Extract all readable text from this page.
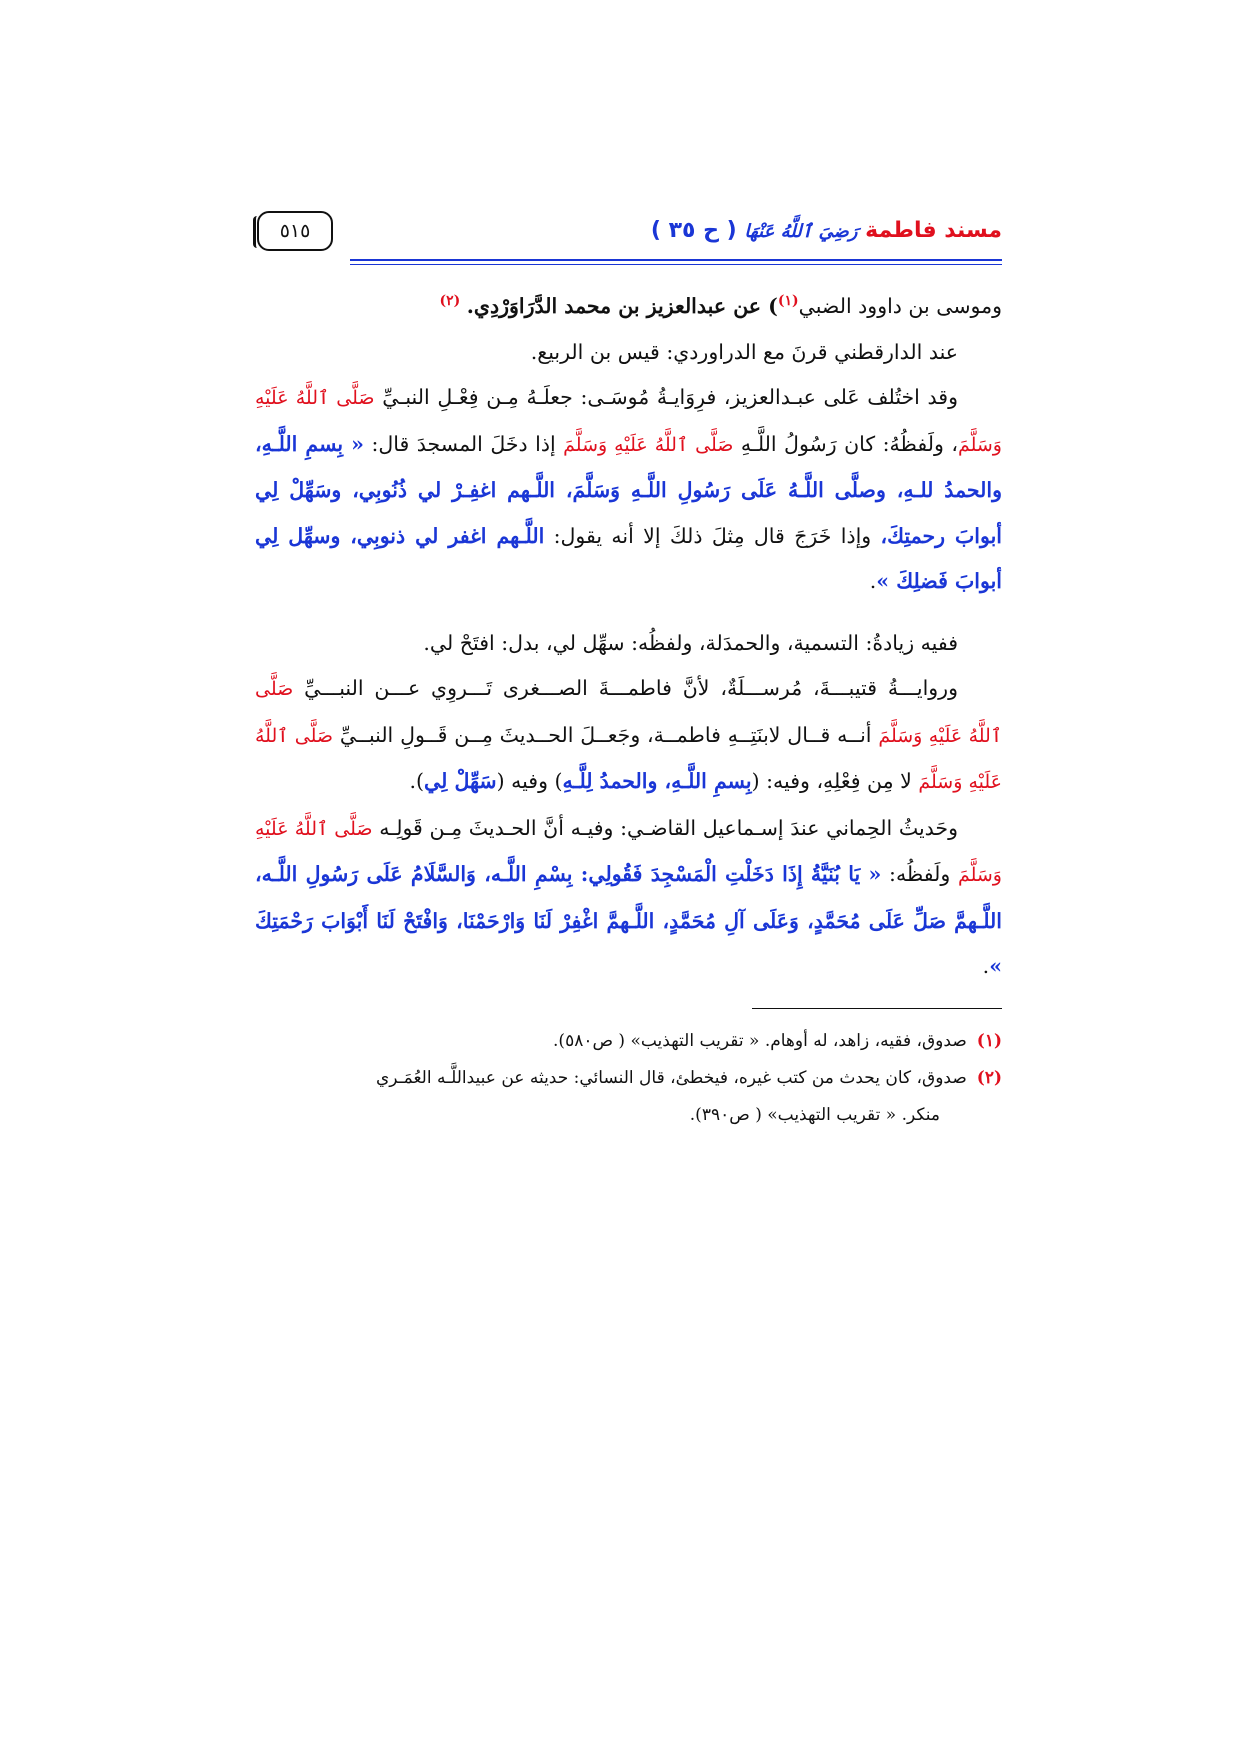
مسند فاطمة رَضِيَ ٱللَّهُ عَنْهَا ( ح ٣٥ )
٥١٥

وموسى بن داوود الضبي$^{(١)}$) عن عبدالعزيز بن محمد الدَّرَاوَرْدِي. $^{(٢)}$

عند الدارقطني قرنَ مع الدراوردي: قيس بن الربيع.

وقد اختُلف عَلى عبـدالعزيز، فرِوَايـةُ مُوسَـى: جعلَـهُ مِـن فِعْـلِ النبـيِّ صَلَّى ٱللَّهُ عَلَيْهِ وَسَلَّمَ، ولَفظُهُ: كان رَسُولُ اللَّـهِ صَلَّى ٱللَّهُ عَلَيْهِ وَسَلَّمَ إذا دخَلَ المسجدَ قال: « بِسمِ اللَّـهِ، والحمدُ للـهِ، وصلَّى اللَّـهُ عَلَى رَسُولِ اللَّـهِ وَسَلَّمَ، اللَّـهم اغفِـرْ لي ذُنُوبِي، وسَهِّلْ لِي أبوابَ رحمتِكَ، وإذا خَرَجَ قال مِثلَ ذلكَ إلا أنه يقول: اللَّـهم اغفر لي ذنوبِي، وسهِّل لِي أبوابَ فَضلِكَ ».

ففيه زيادةُ: التسمية، والحمدَلة، ولفظُه: سهِّل لي، بدل: افتَحْ لي.

وروايـــةُ قتيبـــةَ، مُرســـلَةٌ، لأنَّ فاطمـــةَ الصـــغرى تَـــروِي عـــن النبـــيِّ صَلَّى ٱللَّهُ عَلَيْهِ وَسَلَّمَ أنــه قــال لابنَتِــهِ فاطمــة، وجَعــلَ الحــديثَ مِــن قَــولِ النبــيِّ صَلَّى ٱللَّهُ عَلَيْهِ وَسَلَّمَ لا مِن فِعْلِهِ، وفيه: (بِسمِ اللَّـهِ، والحمدُ لِلَّـهِ) وفيه (سَهِّلْ لِي).

وحَديثُ الحِماني عندَ إسـماعيل القاضـي: وفيـه أنَّ الحـديثَ مِـن قَولِـه صَلَّى ٱللَّهُ عَلَيْهِ وَسَلَّمَ ولَفظُه: « يَا بُنَيَّةُ إِذَا دَخَلْتِ الْمَسْجِدَ فَقُولِي: بِسْمِ اللَّـه، وَالسَّلَامُ عَلَى رَسُولِ اللَّـه، اللَّـهمَّ صَلِّ عَلَى مُحَمَّدٍ، وَعَلَى آلِ مُحَمَّدٍ، اللَّـهمَّ اغْفِرْ لَنَا وَارْحَمْنَا، وَافْتَحْ لَنَا أَبْوَابَ رَحْمَتِكَ ».

(١)صدوق، فقيه، زاهد، له أوهام. « تقريب التهذيب» ( ص٥٨٠).
(٢)صدوق، كان يحدث من كتب غيره، فيخطئ، قال النسائي: حديثه عن عبيداللَّـه العُمَـري
منكر. « تقريب التهذيب» ( ص٣٩٠).
